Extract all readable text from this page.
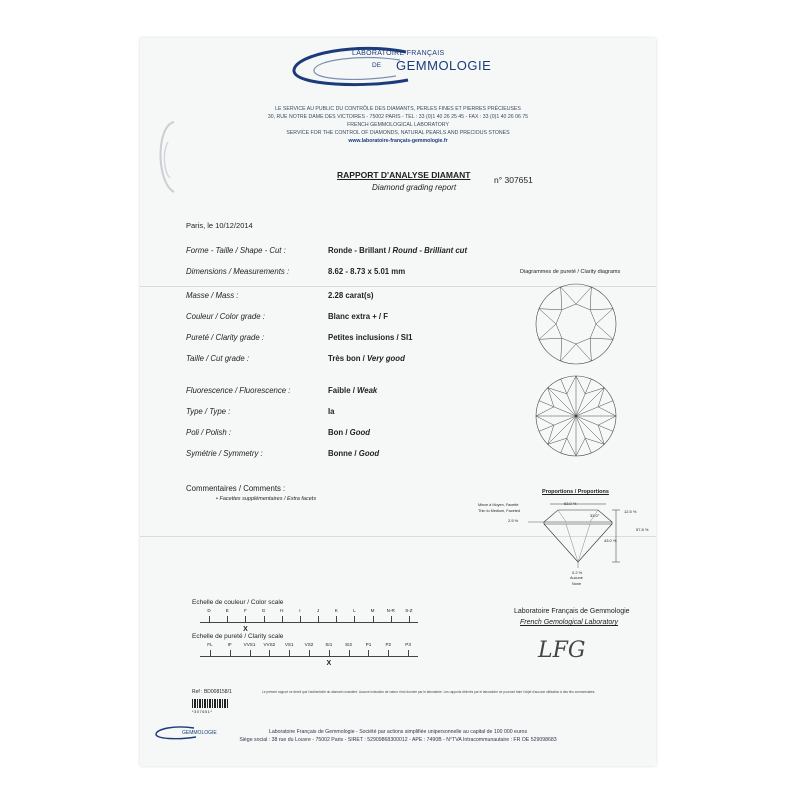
LABORATOIRE FRANÇAIS
DE GEMMOLOGIE
LE SERVICE AU PUBLIC DU CONTRÔLE DES DIAMANTS, PERLES FINES ET PIERRES PRÉCIEUSES
30, RUE NOTRE DAME DES VICTOIRES - 75002 PARIS - TEL : 33 (0)1 40 26 25 45 - FAX : 33 (0)1 40 26 06 75
FRENCH GEMMOLOGICAL LABORATORY
SERVICE FOR THE CONTROL OF DIAMONDS, NATURAL PEARLS AND PRECIOUS STONES
www.laboratoire-français-gemmologie.fr
RAPPORT D'ANALYSE DIAMANT
Diamond grading report
n° 307651
Paris, le 10/12/2014
Forme - Taille / Shape - Cut :	Ronde - Brillant / Round - Brilliant cut
Dimensions / Measurements :	8.62 - 8.73 x 5.01 mm
Masse / Mass :	2.28 carat(s)
Couleur / Color grade :	Blanc extra + / F
Pureté / Clarity grade :	Petites inclusions / SI1
Taille / Cut grade :	Très bon / Very good
Fluorescence / Fluorescence :	Faible / Weak
Type / Type :	Ia
Poli / Polish :	Bon / Good
Symétrie / Symmetry :	Bonne / Good
Commentaires / Comments :
• Facettes supplémentaires / Extra facets
Diagrammes de pureté / Clarity diagrams
Proportions / Proportions
63.0 %
33.0°
12.5 %
57.8 %
43.0 %
Mince à Moyen, Facetté
Thin to Medium, Faceted
2.5 %
0.2 %
Aucune
None
Echelle de couleur / Color scale
D	E	F
X
G	H	I	J	K	L	M	N-R S-Z
Echelle de pureté / Clarity scale
FL	IF	VVS1 VVS2 VS1 VS2	SI1
X
SI2	P1	P2	P3
Laboratoire Français de Gemmologie
French Gemological Laboratory
LFG
Ref : BD008158/1
*307651*
Le présent rapport ne décrit que l'authenticité du diamant considéré. Aucune indication de valeur n'est donnée par le laboratoire. Les rapports délivrés par le laboratoire ne pourront faire l'objet d'aucune utilisation à des fins commerciales.
GEMMOLOGIE	Laboratoire Français de Gemmologie - Société par actions simplifiée unipersonnelle au capital de 100 000 euros
Siège social : 38 rue du Louvre - 75002 Paris - SIRET : 52909868300012 - APE : 7490B - N°TVA Intracommunautaire : FR OE 529098683
